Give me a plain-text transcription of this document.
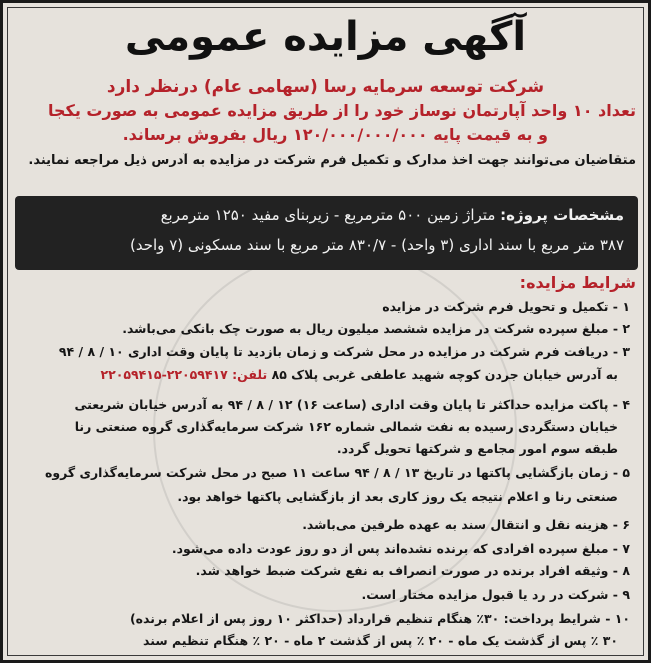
آگهی مزایده عمومی
شرکت توسعه سرمایه رسا (سهامی عام) درنظر دارد
تعداد ۱۰ واحد آپارتمان نوساز خود را از طریق مزایده عمومی به صورت یکجا
و به قیمت پایه ۱۲۰/۰۰۰/۰۰۰/۰۰۰ ریال بفروش برساند.
متقاضیان می‌توانند جهت اخذ مدارک و تکمیل فرم شرکت در مزایده به آدرس ذیل مراجعه نمایند.
مشخصات پروژه: متراژ زمین ۵۰۰ مترمربع - زیربنای مفید ۱۲۵۰ مترمربع
۳۸۷ متر مربع با سند اداری (۳ واحد) - ۸۳۰/۷ متر مربع با سند مسکونی (۷ واحد)
شرایط مزایده:
۱ - تکمیل و تحویل فرم شرکت در مزایده
۲ - مبلغ سپرده شرکت در مزایده ششصد میلیون ریال به صورت چک بانکی می‌باشد.
۳ - دریافت فرم شرکت در مزایده در محل شرکت و زمان بازدید تا پایان وقت اداری ۱۰ / ۸ / ۹۴
به آدرس خیابان جردن کوچه شهید عاطفی غربی پلاک ۸۵ تلفن: ۲۲۰۵۹۴۱۵-۲۲۰۵۹۴۱۷
۴ - پاکت مزایده حداکثر تا پایان وقت اداری (ساعت ۱۶) ۱۲ / ۸ / ۹۴ به آدرس خیابان شریعتی
خیابان دستگردی رسیده به نفت شمالی شماره ۱۶۲ شرکت سرمایه‌گذاری گروه صنعتی رنا
طبقه سوم امور مجامع و شرکتها تحویل گردد.
۵ - زمان بازگشایی پاکتها در تاریخ ۱۳ / ۸ / ۹۴ ساعت ۱۱ صبح در محل شرکت سرمایه‌گذاری گروه
صنعتی رنا و اعلام نتیجه یک روز کاری بعد از بازگشایی پاکتها خواهد بود.
۶ - هزینه نقل و انتقال سند به عهده طرفین می‌باشد.
۷ - مبلغ سپرده افرادی که برنده نشده‌اند پس از دو روز عودت داده می‌شود.
۸ - وثیقه افراد برنده در صورت انصراف به نفع شرکت ضبط خواهد شد.
۹ - شرکت در رد یا قبول مزایده مختار است.
۱۰ - شرایط پرداخت: ۳۰٪ هنگام تنظیم قرارداد (حداکثر ۱۰ روز پس از اعلام برنده)
۳۰ ٪ پس از گذشت یک ماه - ۲۰ ٪ پس از گذشت ۲ ماه - ۲۰ ٪ هنگام تنظیم سند
